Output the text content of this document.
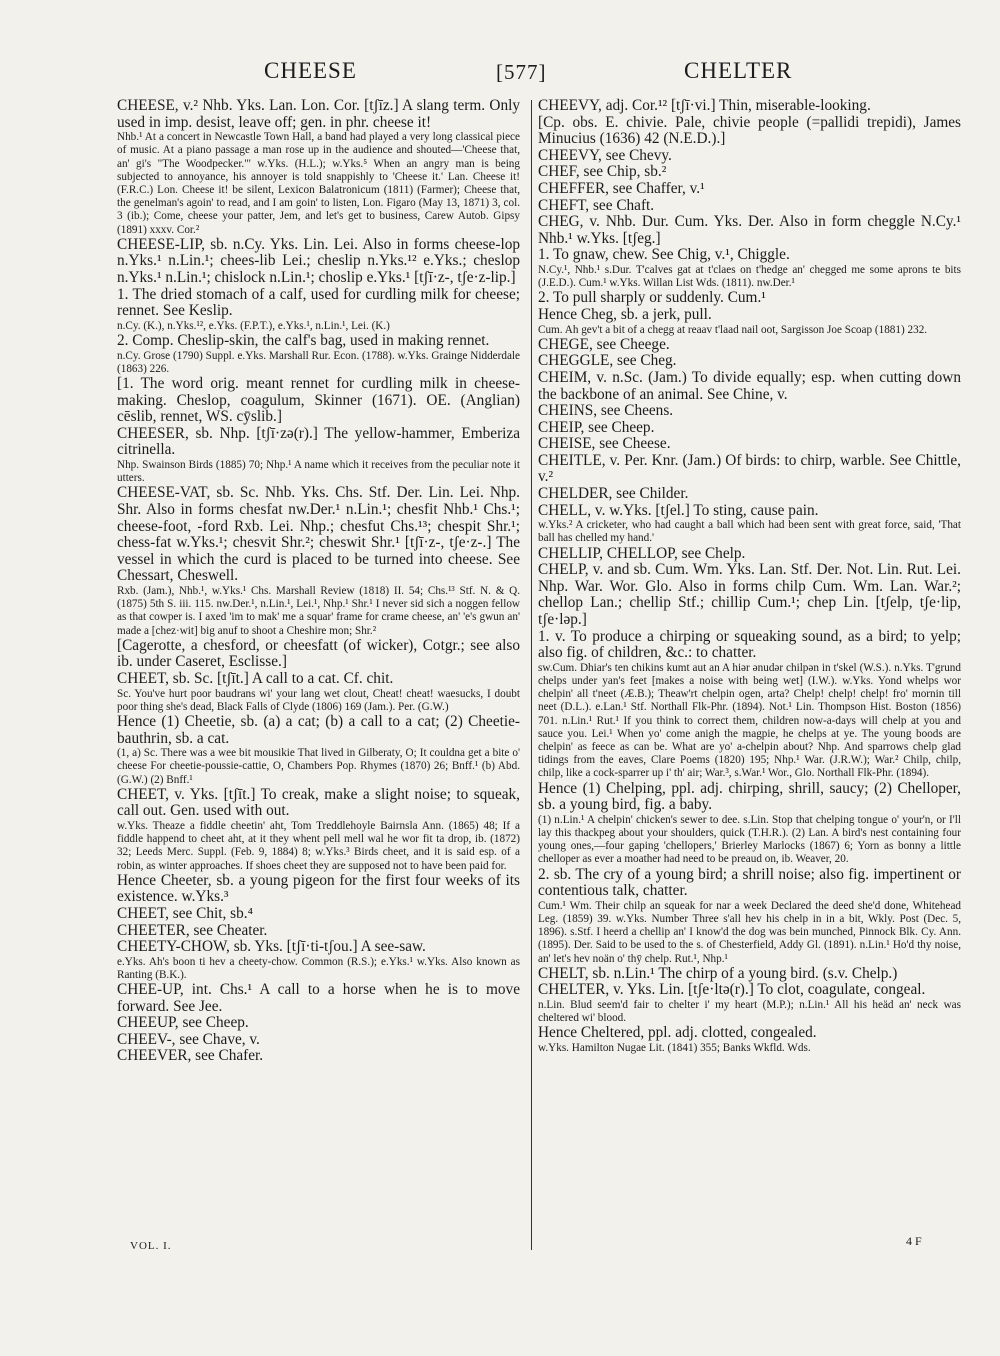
CHEESE	[577]	CHELTER

CHEESE, v.² Nhb. Yks. Lan. Lon. Cor. [tʃīz.] A slang term. Only used in imp. desist, leave off; gen. in phr. cheese it!

Nhb.¹ At a concert in Newcastle Town Hall, a band had played a very long classical piece of music. At a piano passage a man rose up in the audience and shouted—'Cheese that, an' gi's "The Woodpecker."' w.Yks. (H.L.); w.Yks.⁵ When an angry man is being subjected to annoyance, his annoyer is told snappishly to 'Cheese it.' Lan. Cheese it! (F.R.C.) Lon. Cheese it! be silent, Lexicon Balatronicum (1811) (Farmer); Cheese that, the genelman's agoin' to read, and I am goin' to listen, Lon. Figaro (May 13, 1871) 3, col. 3 (ib.); Come, cheese your patter, Jem, and let's get to business, Carew Autob. Gipsy (1891) xxxv. Cor.²

CHEESE-LIP, sb. n.Cy. Yks. Lin. Lei. Also in forms cheese-lop n.Yks.¹ n.Lin.¹; chees-lib Lei.; cheslip n.Yks.¹² e.Yks.; cheslop n.Yks.¹ n.Lin.¹; chislock n.Lin.¹; choslip e.Yks.¹ [tʃī·z-, tʃe·z-lip.]

1. The dried stomach of a calf, used for curdling milk for cheese; rennet. See Keslip.

n.Cy. (K.), n.Yks.¹², e.Yks. (F.P.T.), e.Yks.¹, n.Lin.¹, Lei. (K.)

2. Comp. Cheslip-skin, the calf's bag, used in making rennet.

n.Cy. Grose (1790) Suppl. e.Yks. Marshall Rur. Econ. (1788). w.Yks. Grainge Nidderdale (1863) 226.

[1. The word orig. meant rennet for curdling milk in cheese-making. Cheslop, coagulum, Skinner (1671). OE. (Anglian) cēslib, rennet, WS. cȳslib.]

CHEESER, sb. Nhp. [tʃī·zə(r).] The yellow-hammer, Emberiza citrinella.

Nhp. Swainson Birds (1885) 70; Nhp.¹ A name which it receives from the peculiar note it utters.

CHEESE-VAT, sb. Sc. Nhb. Yks. Chs. Stf. Der. Lin. Lei. Nhp. Shr. Also in forms chesfat nw.Der.¹ n.Lin.¹; chesfit Nhb.¹ Chs.¹; cheese-foot, -ford Rxb. Lei. Nhp.; chesfut Chs.¹³; chespit Shr.¹; chess-fat w.Yks.¹; chesvit Shr.²; cheswit Shr.¹ [tʃī·z-, tʃe·z-.] The vessel in which the curd is placed to be turned into cheese. See Chessart, Cheswell.

Rxb. (Jam.), Nhb.¹, w.Yks.¹ Chs. Marshall Review (1818) II. 54; Chs.¹³ Stf. N. & Q. (1875) 5th S. iii. 115. nw.Der.¹, n.Lin.¹, Lei.¹, Nhp.¹ Shr.¹ I never sid sich a noggen fellow as that cowper is. I axed 'im to mak' me a squar' frame for crame cheese, an' 'e's gwun an' made a [chez·wit] big anuf to shoot a Cheshire mon; Shr.²

[Cagerotte, a chesford, or cheesfatt (of wicker), Cotgr.; see also ib. under Caseret, Esclisse.]

CHEET, sb. Sc. [tʃīt.] A call to a cat. Cf. chit.

Sc. You've hurt poor baudrans wi' your lang wet clout, Cheat! cheat! waesucks, I doubt poor thing she's dead, Black Falls of Clyde (1806) 169 (Jam.). Per. (G.W.)

Hence (1) Cheetie, sb. (a) a cat; (b) a call to a cat; (2) Cheetie-bauthrin, sb. a cat.

(1, a) Sc. There was a wee bit mousikie That lived in Gilberaty, O; It couldna get a bite o' cheese For cheetie-poussie-cattie, O, Chambers Pop. Rhymes (1870) 26; Bnff.¹ (b) Abd. (G.W.) (2) Bnff.¹

CHEET, v. Yks. [tʃīt.] To creak, make a slight noise; to squeak, call out. Gen. used with out.

w.Yks. Theaze a fiddle cheetin' aht, Tom Treddlehoyle Bairnsla Ann. (1865) 48; If a fiddle happend to cheet aht, at it they whent pell mell wal he wor fit ta drop, ib. (1872) 32; Leeds Merc. Suppl. (Feb. 9, 1884) 8; w.Yks.³ Birds cheet, and it is said esp. of a robin, as winter approaches. If shoes cheet they are supposed not to have been paid for.

Hence Cheeter, sb. a young pigeon for the first four weeks of its existence. w.Yks.³

CHEET, see Chit, sb.⁴

CHEETER, see Cheater.

CHEETY-CHOW, sb. Yks. [tʃī·ti-tʃou.] A see-saw.

e.Yks. Ah's boon ti hev a cheety-chow. Common (R.S.); e.Yks.¹ w.Yks. Also known as Ranting (B.K.).

CHEE-UP, int. Chs.¹ A call to a horse when he is to move forward. See Jee.

CHEEUP, see Cheep.

CHEEV-, see Chave, v.

CHEEVER, see Chafer.

CHEEVY, adj. Cor.¹² [tʃī·vi.] Thin, miserable-looking.

[Cp. obs. E. chivie. Pale, chivie people (=pallidi trepidi), James Minucius (1636) 42 (N.E.D.).]

CHEEVY, see Chevy.

CHEF, see Chip, sb.²

CHEFFER, see Chaffer, v.¹

CHEFT, see Chaft.

CHEG, v. Nhb. Dur. Cum. Yks. Der. Also in form cheggle N.Cy.¹ Nhb.¹ w.Yks. [tʃeg.]

1. To gnaw, chew. See Chig, v.¹, Chiggle.

N.Cy.¹, Nhb.¹ s.Dur. T'calves gat at t'claes on t'hedge an' chegged me some aprons te bits (J.E.D.). Cum.¹ w.Yks. Willan List Wds. (1811). nw.Der.¹

2. To pull sharply or suddenly. Cum.¹

Hence Cheg, sb. a jerk, pull.

Cum. Ah gev't a bit of a chegg at reaav t'laad nail oot, Sargisson Joe Scoap (1881) 232.

CHEGE, see Cheege.

CHEGGLE, see Cheg.

CHEIM, v. n.Sc. (Jam.) To divide equally; esp. when cutting down the backbone of an animal. See Chine, v.

CHEINS, see Cheens.

CHEIP, see Cheep.

CHEISE, see Cheese.

CHEITLE, v. Per. Knr. (Jam.) Of birds: to chirp, warble. See Chittle, v.²

CHELDER, see Childer.

CHELL, v. w.Yks. [tʃel.] To sting, cause pain.

w.Yks.² A cricketer, who had caught a ball which had been sent with great force, said, 'That ball has chelled my hand.'

CHELLIP, CHELLOP, see Chelp.

CHELP, v. and sb. Cum. Wm. Yks. Lan. Stf. Der. Not. Lin. Rut. Lei. Nhp. War. Wor. Glo. Also in forms chilp Cum. Wm. Lan. War.²; chellop Lan.; chellip Stf.; chillip Cum.¹; chep Lin. [tʃelp, tʃe·lip, tʃe·ləp.]

1. v. To produce a chirping or squeaking sound, as a bird; to yelp; also fig. of children, &c.: to chatter.

sw.Cum. Dhiar's ten chikins kumt aut an A hiər ənudər chilpən in t'skel (W.S.). n.Yks. T'grund chelps under yan's feet [makes a noise with being wet] (I.W.). w.Yks. Yond whelps wor chelpin' all t'neet (Æ.B.); Theaw'rt chelpin ogen, arta? Chelp! chelp! chelp! fro' mornin till neet (D.L.). e.Lan.¹ Stf. Northall Flk-Phr. (1894). Not.¹ Lin. Thompson Hist. Boston (1856) 701. n.Lin.¹ Rut.¹ If you think to correct them, children now-a-days will chelp at you and sauce you. Lei.¹ When yo' come anigh the magpie, he chelps at ye. The young boods are chelpin' as feece as can be. What are yo' a-chelpin about? Nhp. And sparrows chelp glad tidings from the eaves, Clare Poems (1820) 195; Nhp.¹ War. (J.R.W.); War.² Chilp, chilp, chilp, like a cock-sparrer up i' th' air; War.³, s.War.¹ Wor., Glo. Northall Flk-Phr. (1894).

Hence (1) Chelping, ppl. adj. chirping, shrill, saucy; (2) Chelloper, sb. a young bird, fig. a baby.

(1) n.Lin.¹ A chelpin' chicken's sewer to dee. s.Lin. Stop that chelping tongue o' your'n, or I'll lay this thackpeg about your shoulders, quick (T.H.R.). (2) Lan. A bird's nest containing four young ones,—four gaping 'chellopers,' Brierley Marlocks (1867) 6; Yorn as bonny a little chelloper as ever a moather had need to be preaud on, ib. Weaver, 20.

2. sb. The cry of a young bird; a shrill noise; also fig. impertinent or contentious talk, chatter.

Cum.¹ Wm. Their chilp an squeak for nar a week Declared the deed she'd done, Whitehead Leg. (1859) 39. w.Yks. Number Three s'all hev his chelp in in a bit, Wkly. Post (Dec. 5, 1896). s.Stf. I heerd a chellip an' I know'd the dog was bein munched, Pinnock Blk. Cy. Ann. (1895). Der. Said to be used to the s. of Chesterfield, Addy Gl. (1891). n.Lin.¹ Ho'd thy noise, an' let's hev noän o' thȳ chelp. Rut.¹, Nhp.¹

CHELT, sb. n.Lin.¹ The chirp of a young bird. (s.v. Chelp.)

CHELTER, v. Yks. Lin. [tʃe·ltə(r).] To clot, coagulate, congeal.

n.Lin. Blud seem'd fair to chelter i' my heart (M.P.); n.Lin.¹ All his heäd an' neck was cheltered wi' blood.

Hence Cheltered, ppl. adj. clotted, congealed.

w.Yks. Hamilton Nugae Lit. (1841) 355; Banks Wkfld. Wds.

VOL. I.	4 F
